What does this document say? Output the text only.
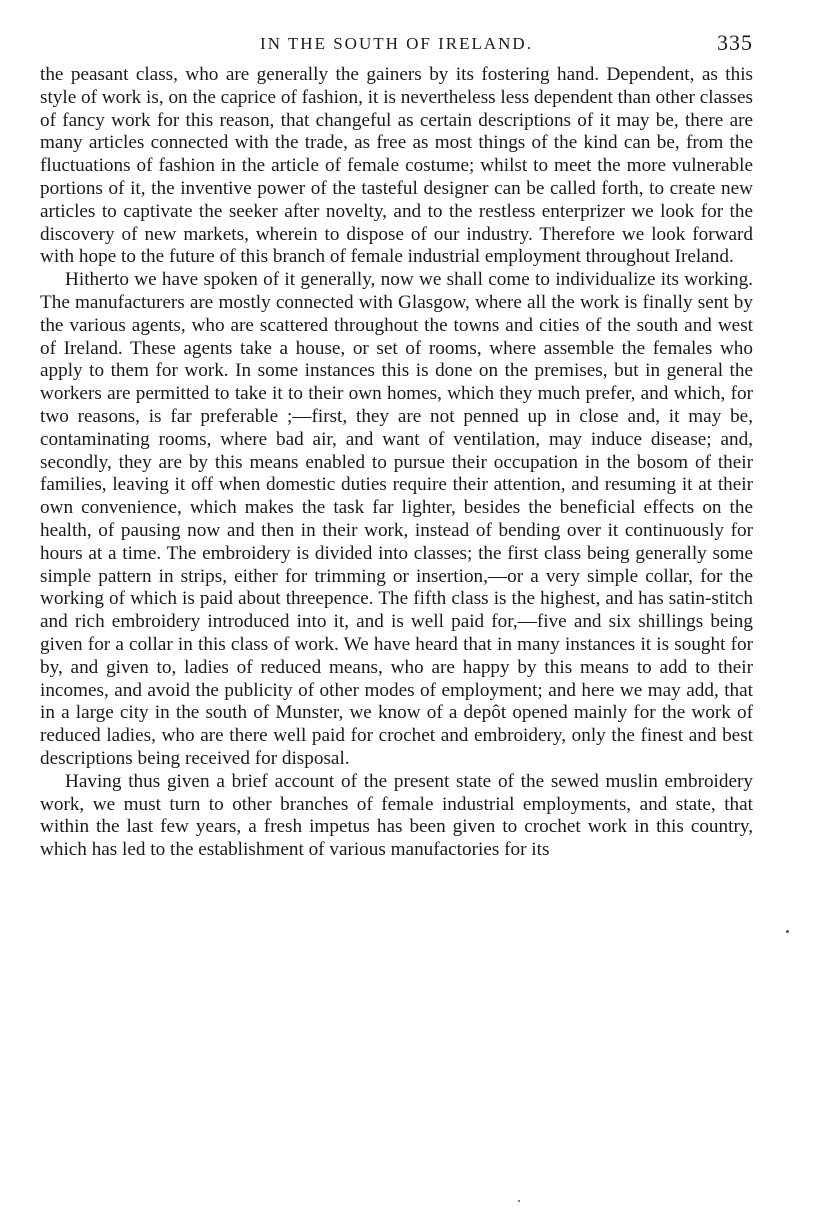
IN THE SOUTH OF IRELAND.	335

the peasant class, who are generally the gainers by its fostering hand. Dependent, as this style of work is, on the caprice of fashion, it is nevertheless less dependent than other classes of fancy work for this reason, that changeful as certain descriptions of it may be, there are many articles connected with the trade, as free as most things of the kind can be, from the fluctuations of fashion in the article of female costume; whilst to meet the more vulnerable portions of it, the inventive power of the tasteful designer can be called forth, to create new articles to captivate the seeker after novelty, and to the restless enterprizer we look for the discovery of new markets, wherein to dispose of our industry. Therefore we look forward with hope to the future of this branch of female industrial employment throughout Ireland.

Hitherto we have spoken of it generally, now we shall come to individualize its working. The manufacturers are mostly connected with Glasgow, where all the work is finally sent by the various agents, who are scattered throughout the towns and cities of the south and west of Ireland. These agents take a house, or set of rooms, where assemble the females who apply to them for work. In some instances this is done on the premises, but in general the workers are permitted to take it to their own homes, which they much prefer, and which, for two reasons, is far preferable ;—first, they are not penned up in close and, it may be, contaminating rooms, where bad air, and want of ventilation, may induce disease; and, secondly, they are by this means enabled to pursue their occupation in the bosom of their families, leaving it off when domestic duties require their attention, and resuming it at their own convenience, which makes the task far lighter, besides the beneficial effects on the health, of pausing now and then in their work, instead of bending over it continuously for hours at a time. The embroidery is divided into classes; the first class being generally some simple pattern in strips, either for trimming or insertion,—or a very simple collar, for the working of which is paid about threepence. The fifth class is the highest, and has satin-stitch and rich embroidery introduced into it, and is well paid for,—five and six shillings being given for a collar in this class of work. We have heard that in many instances it is sought for by, and given to, ladies of reduced means, who are happy by this means to add to their incomes, and avoid the publicity of other modes of employment; and here we may add, that in a large city in the south of Munster, we know of a depôt opened mainly for the work of reduced ladies, who are there well paid for crochet and embroidery, only the finest and best descriptions being received for disposal.

Having thus given a brief account of the present state of the sewed muslin embroidery work, we must turn to other branches of female industrial employments, and state, that within the last few years, a fresh impetus has been given to crochet work in this country, which has led to the establishment of various manufactories for its
